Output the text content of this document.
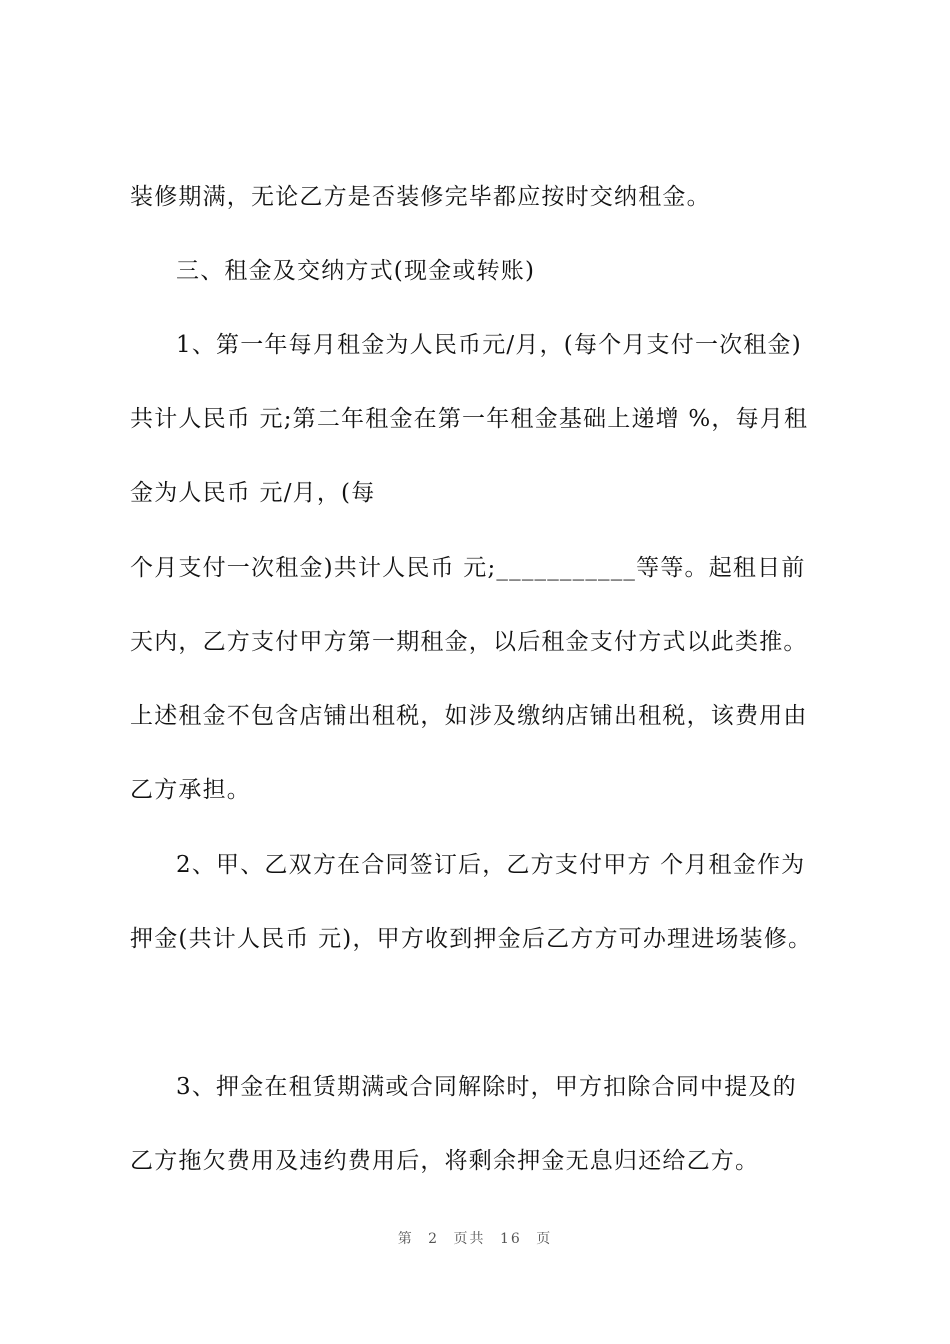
装修期满，无论乙方是否装修完毕都应按时交纳租金。
三、租金及交纳方式(现金或转账)
1、第一年每月租金为人民币元/月，(每个月支付一次租金)
共计人民币 元;第二年租金在第一年租金基础上递增 %，每月租
金为人民币 元/月，(每
个月支付一次租金)共计人民币 元;___________等等。起租日前
天内，乙方支付甲方第一期租金，以后租金支付方式以此类推。
上述租金不包含店铺出租税，如涉及缴纳店铺出租税，该费用由
乙方承担。
2、甲、乙双方在合同签订后，乙方支付甲方 个月租金作为
押金(共计人民币 元)，甲方收到押金后乙方方可办理进场装修。
3、押金在租赁期满或合同解除时，甲方扣除合同中提及的
乙方拖欠费用及违约费用后，将剩余押金无息归还给乙方。
第 2 页共 16 页
